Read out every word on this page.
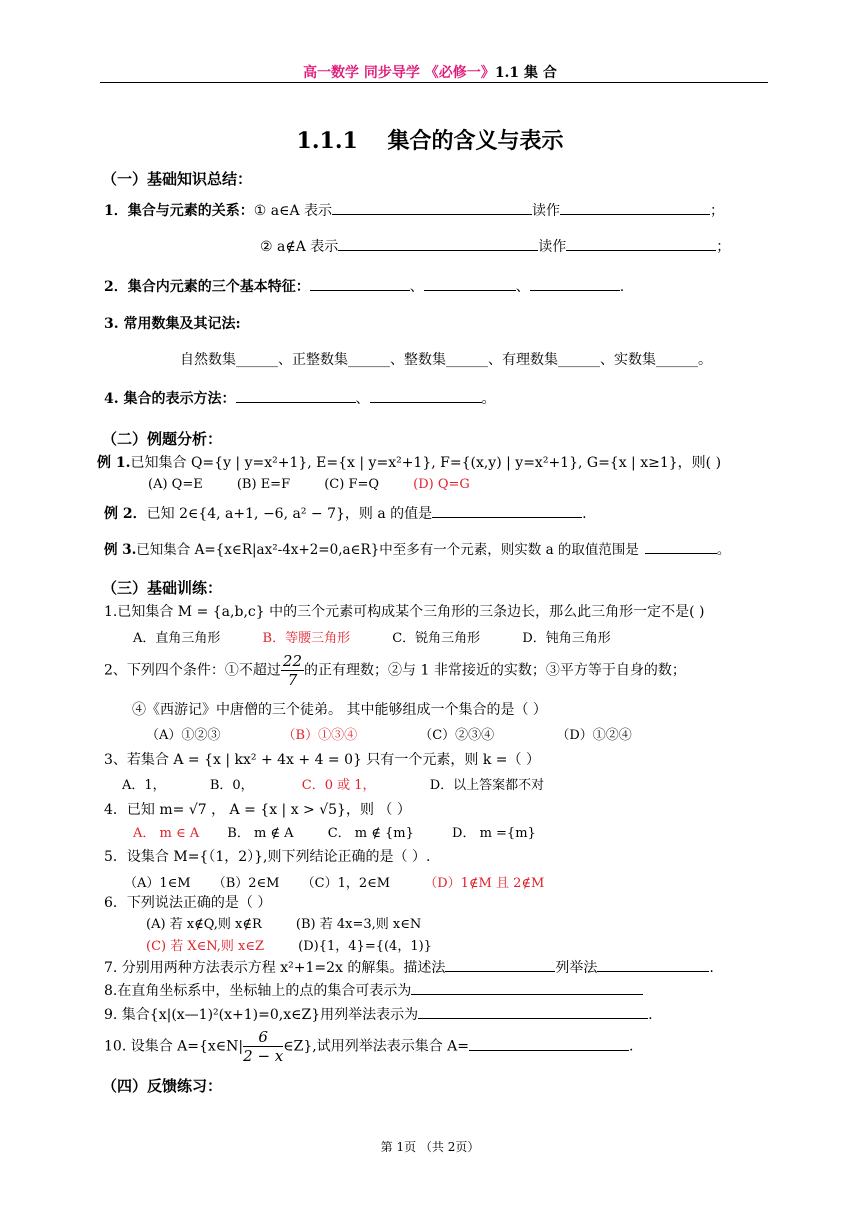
高一数学 同步导学 《必修一》1.1 集 合
1.1.1　 集合的含义与表示
（一）基础知识总结：
1．集合与元素的关系：① a∈A 表示	读作	；
② a∉A 表示	读作	；
2．集合内元素的三个基本特征：	、	、	.
3. 常用数集及其记法:
自然数集______、正整数集______、整数集______、有理数集______、实数集______。
4. 集合的表示方法：	、	。
（二）例题分析：
例 1.已知集合 Q={y | y=x²+1}, E={x | y=x²+1}, F={(x,y) | y=x²+1}, G={x | x≥1}，则( )
(A) Q=E	(B) E=F	(C) F=Q	(D) Q=G
例 2．已知 2∈{4, a+1, −6, a² − 7}，则 a 的值是	.
例 3.已知集合 A={x∈R|ax²-4x+2=0,a∈R}中至多有一个元素，则实数 a 的取值范围是	。
（三）基础训练：
1.已知集合 M = {a,b,c} 中的三个元素可构成某个三角形的三条边长，那么此三角形一定不是( )
A．直角三角形	B．等腰三角形	C．锐角三角形	D．钝角三角形
2、下列四个条件：①不超过 $\frac{22}{7}$ 的正有理数；②与 1 非常接近的实数；③平方等于自身的数；
④《西游记》中唐僧的三个徒弟。 其中能够组成一个集合的是（ ）
（A）①②③	（B）①③④	（C）②③④	（D）①②④
3、若集合 A = {x | kx² + 4x + 4 = 0} 只有一个元素，则 k =（ ）
A．1，	B．0，	C．0 或 1，	D．以上答案都不对
4．已知 m= √7 ， A = {x | x > √5}，则 （ ）
A． m ∈ A B． m ∉ A	C． m ∉ {m}	D． m ={m}
5．设集合 M={（1，2）},则下列结论正确的是（ ）.
（A）1∈M （B）2∈M （C）1，2∈M	（D）1∉M 且 2∉M
6．下列说法正确的是（ ）
(A) 若 x∉Q,则 x∉R	(B) 若 4x=3,则 x∈N
(C) 若 X∈N,则 x∈Z	(D){1，4}={(4，1)}
7. 分别用两种方法表示方程 x²+1=2x 的解集。描述法	列举法	.
8.在直角坐标系中，坐标轴上的点的集合可表示为
9. 集合{x|(x—1)²(x+1)=0,x∈Z}用列举法表示为	.
10. 设集合 A={x∈N| $\frac{6}{2 - x}$ ∈Z},试用列举法表示集合 A=	.
（四）反馈练习：
第 1页 （共 2页）
